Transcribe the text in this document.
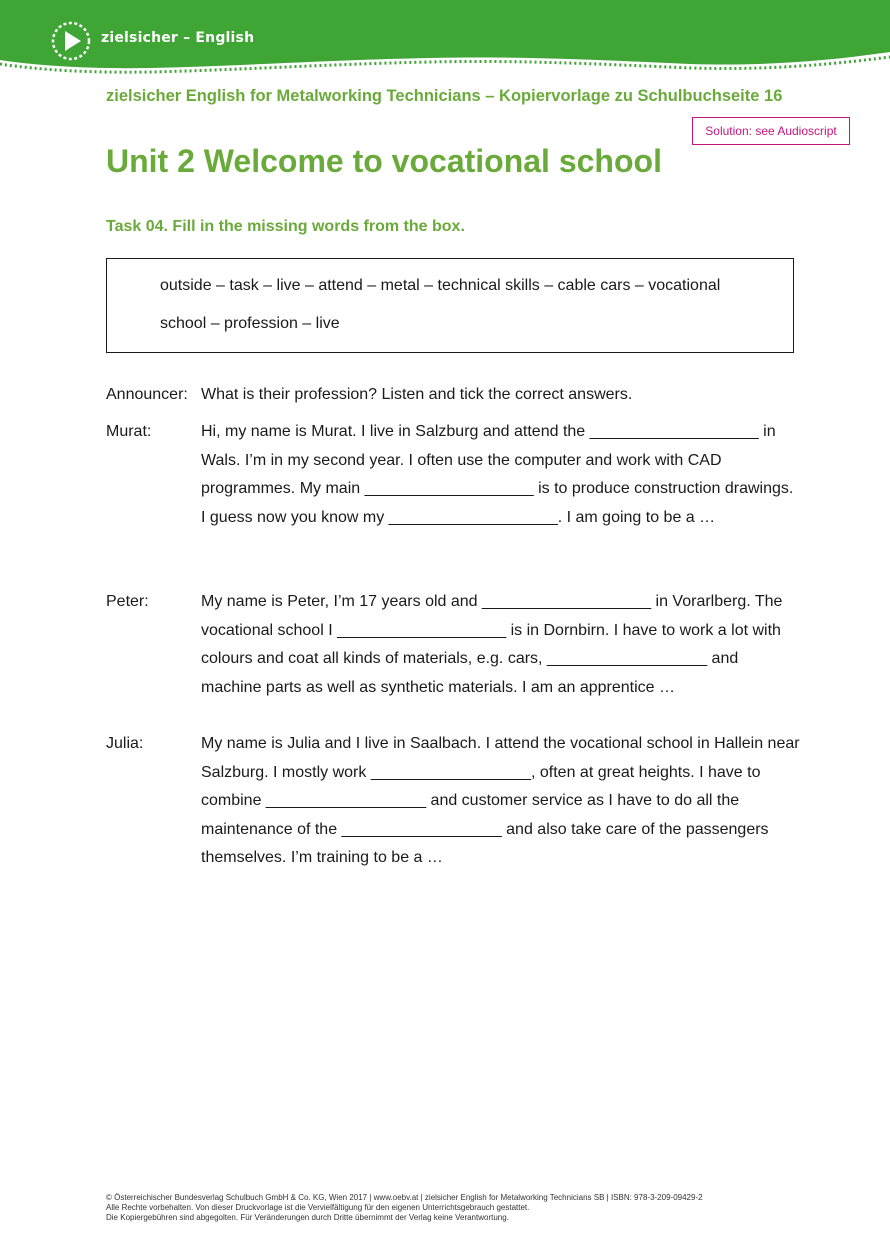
zielsicher – English
zielsicher English for Metalworking Technicians – Kopiervorlage zu Schulbuchseite 16
Solution: see Audioscript
Unit 2 Welcome to vocational school
Task 04. Fill in the missing words from the box.

outside – task – live – attend – metal – technical skills – cable cars – vocational school – profession – live

Announcer: What is their profession? Listen and tick the correct answers.

Murat:	Hi, my name is Murat. I live in Salzburg and attend the ___________________ in Wals. I’m in my second year. I often use the computer and work with CAD programmes. My main ___________________ is to produce construction drawings. I guess now you know my ___________________. I am going to be a …

Peter:	My name is Peter, I’m 17 years old and ___________________ in Vorarlberg. The vocational school I ___________________ is in Dornbirn. I have to work a lot with colours and coat all kinds of materials, e.g. cars, __________________ and machine parts as well as synthetic materials. I am an apprentice …

Julia:	My name is Julia and I live in Saalbach. I attend the vocational school in Hallein near Salzburg. I mostly work __________________, often at great heights. I have to combine __________________ and customer service as I have to do all the maintenance of the __________________ and also take care of the passengers themselves. I’m training to be a …

© Österreichischer Bundesverlag Schulbuch GmbH & Co. KG, Wien 2017 | www.oebv.at | zielsicher English for Metalworking Technicians SB | ISBN: 978-3-209-09429-2
Alle Rechte vorbehalten. Von dieser Druckvorlage ist die Vervielfältigung für den eigenen Unterrichtsgebrauch gestattet.
Die Kopiergebühren sind abgegolten. Für Veränderungen durch Dritte übernimmt der Verlag keine Verantwortung.
